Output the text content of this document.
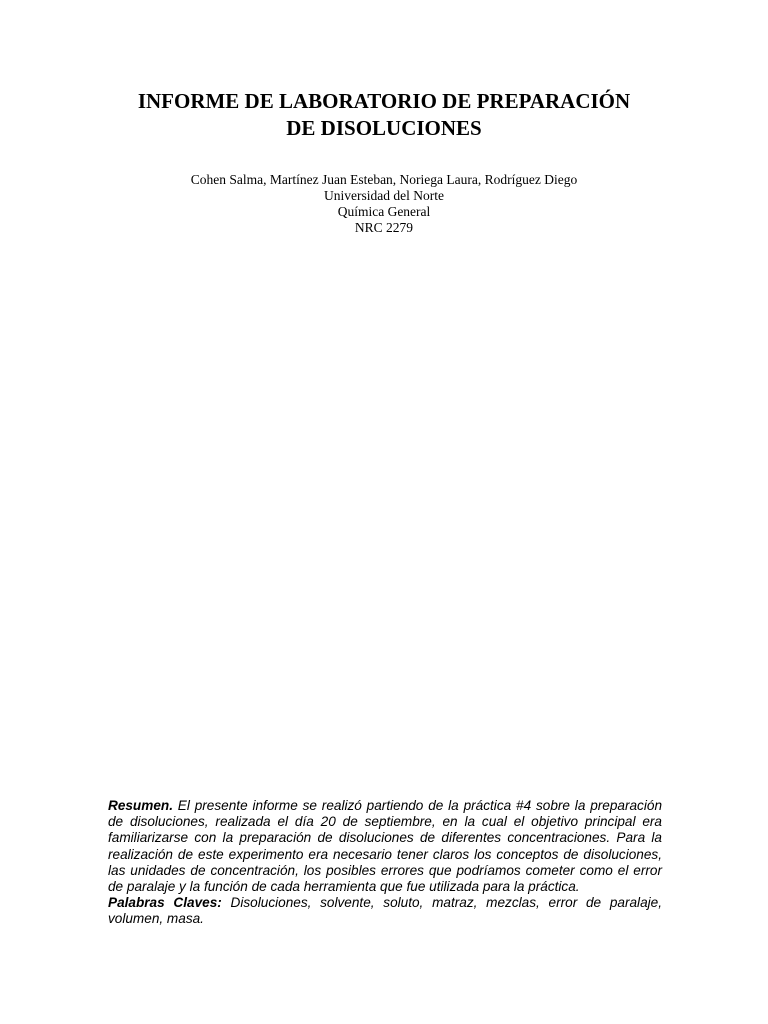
INFORME DE LABORATORIO DE PREPARACIÓN
DE DISOLUCIONES
Cohen Salma, Martínez Juan Esteban, Noriega Laura, Rodríguez Diego
Universidad del Norte
Química General
NRC 2279

Resumen. El presente informe se realizó partiendo de la práctica #4 sobre la preparación de disoluciones, realizada el día 20 de septiembre, en la cual el objetivo principal era familiarizarse con la preparación de disoluciones de diferentes concentraciones. Para la realización de este experimento era necesario tener claros los conceptos de disoluciones, las unidades de concentración, los posibles errores que podríamos cometer como el error de paralaje y la función de cada herramienta que fue utilizada para la práctica.

Palabras Claves: Disoluciones, solvente, soluto, matraz, mezclas, error de paralaje, volumen, masa.
